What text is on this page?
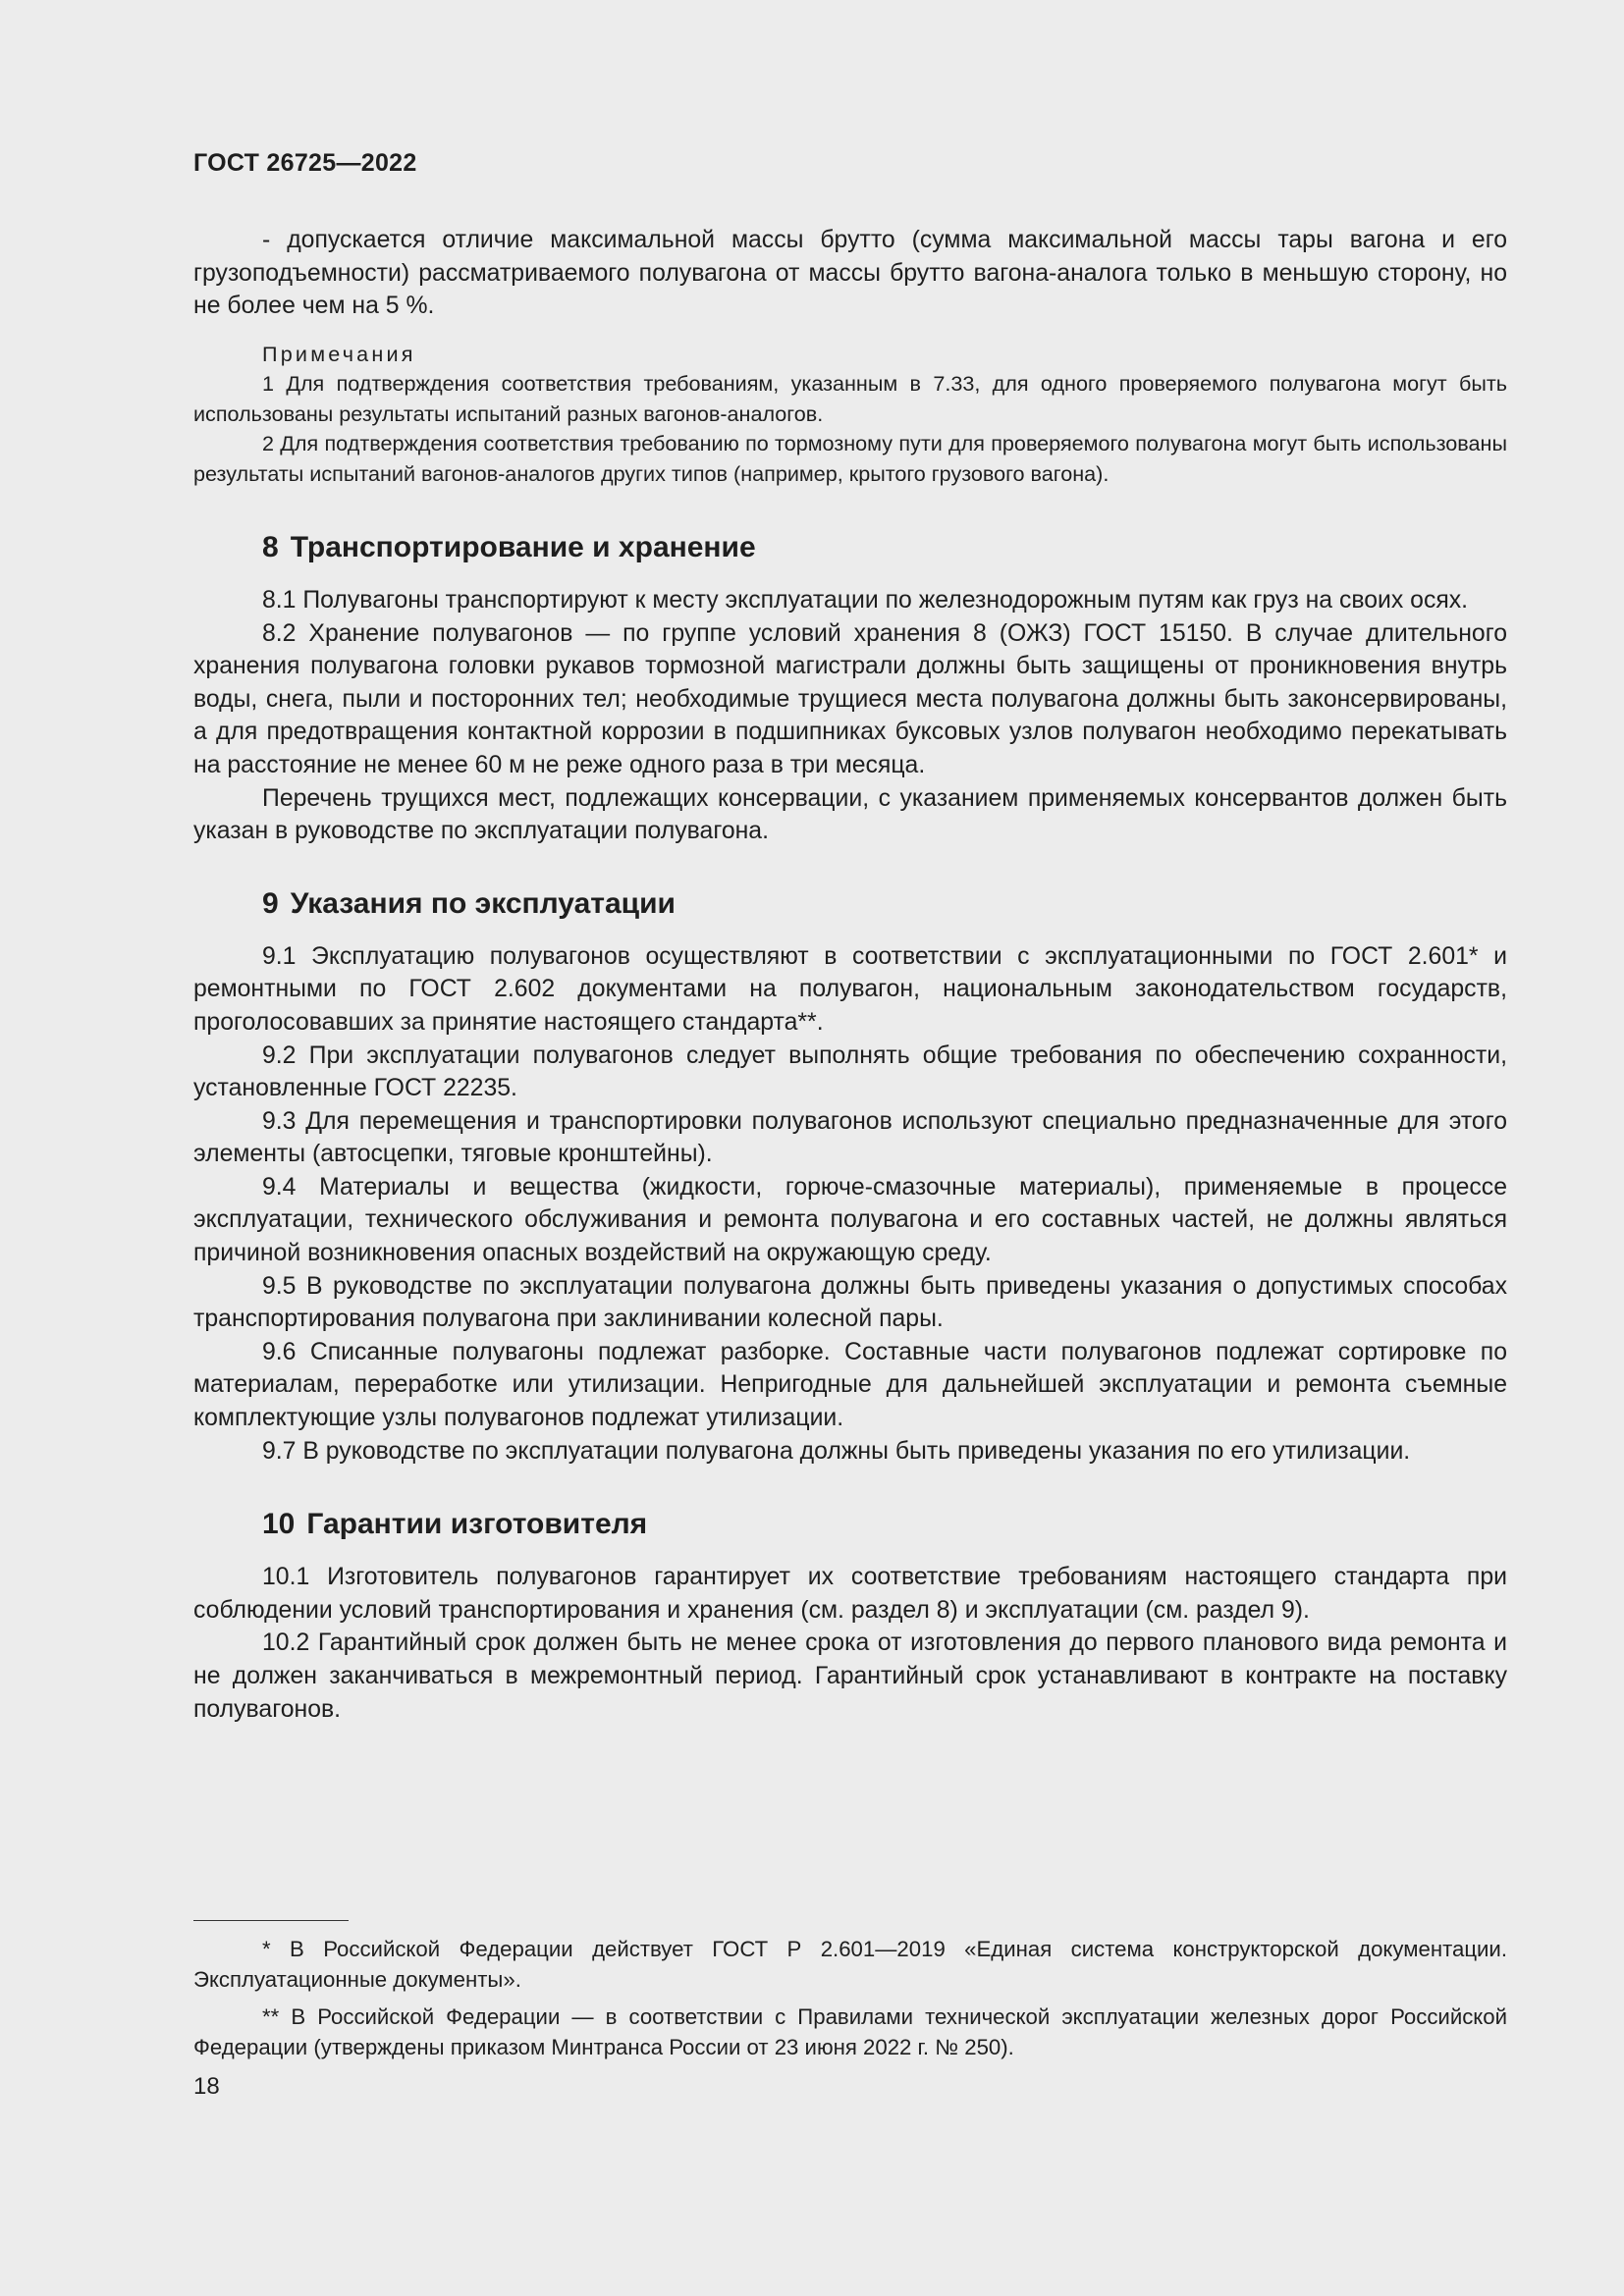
ГОСТ 26725—2022

- допускается отличие максимальной массы брутто (сумма максимальной массы тары вагона и его грузоподъемности) рассматриваемого полувагона от массы брутто вагона-аналога только в меньшую сторону, но не более чем на 5 %.

Примечания

1 Для подтверждения соответствия требованиям, указанным в 7.33, для одного проверяемого полувагона могут быть использованы результаты испытаний разных вагонов-аналогов.

2 Для подтверждения соответствия требованию по тормозному пути для проверяемого полувагона могут быть использованы результаты испытаний вагонов-аналогов других типов (например, крытого грузового вагона).

8 Транспортирование и хранение

8.1 Полувагоны транспортируют к месту эксплуатации по железнодорожным путям как груз на своих осях.

8.2 Хранение полувагонов — по группе условий хранения 8 (ОЖЗ) ГОСТ 15150. В случае длительного хранения полувагона головки рукавов тормозной магистрали должны быть защищены от проникновения внутрь воды, снега, пыли и посторонних тел; необходимые трущиеся места полувагона должны быть законсервированы, а для предотвращения контактной коррозии в подшипниках буксовых узлов полувагон необходимо перекатывать на расстояние не менее 60 м не реже одного раза в три месяца.

Перечень трущихся мест, подлежащих консервации, с указанием применяемых консервантов должен быть указан в руководстве по эксплуатации полувагона.

9 Указания по эксплуатации

9.1 Эксплуатацию полувагонов осуществляют в соответствии с эксплуатационными по ГОСТ 2.601* и ремонтными по ГОСТ 2.602 документами на полувагон, национальным законодательством государств, проголосовавших за принятие настоящего стандарта**.

9.2 При эксплуатации полувагонов следует выполнять общие требования по обеспечению сохранности, установленные ГОСТ 22235.

9.3 Для перемещения и транспортировки полувагонов используют специально предназначенные для этого элементы (автосцепки, тяговые кронштейны).

9.4 Материалы и вещества (жидкости, горюче-смазочные материалы), применяемые в процессе эксплуатации, технического обслуживания и ремонта полувагона и его составных частей, не должны являться причиной возникновения опасных воздействий на окружающую среду.

9.5 В руководстве по эксплуатации полувагона должны быть приведены указания о допустимых способах транспортирования полувагона при заклинивании колесной пары.

9.6 Списанные полувагоны подлежат разборке. Составные части полувагонов подлежат сортировке по материалам, переработке или утилизации. Непригодные для дальнейшей эксплуатации и ремонта съемные комплектующие узлы полувагонов подлежат утилизации.

9.7 В руководстве по эксплуатации полувагона должны быть приведены указания по его утилизации.

10 Гарантии изготовителя

10.1 Изготовитель полувагонов гарантирует их соответствие требованиям настоящего стандарта при соблюдении условий транспортирования и хранения (см. раздел 8) и эксплуатации (см. раздел 9).

10.2 Гарантийный срок должен быть не менее срока от изготовления до первого планового вида ремонта и не должен заканчиваться в межремонтный период. Гарантийный срок устанавливают в контракте на поставку полувагонов.

* В Российской Федерации действует ГОСТ Р 2.601—2019 «Единая система конструкторской документации. Эксплуатационные документы».

** В Российской Федерации — в соответствии с Правилами технической эксплуатации железных дорог Российской Федерации (утверждены приказом Минтранса России от 23 июня 2022 г. № 250).

18
